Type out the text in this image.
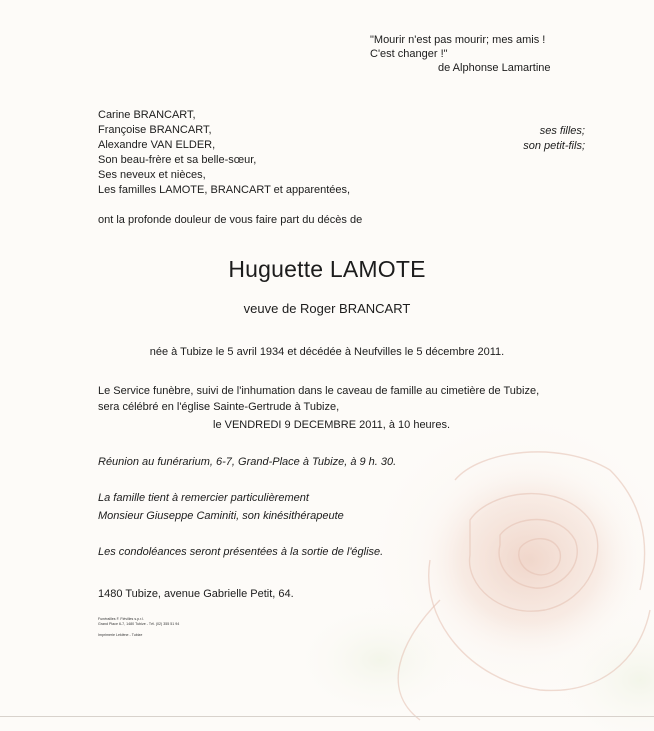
"Mourir n'est pas mourir; mes amis !
C'est changer !"
de Alphonse Lamartine
Carine BRANCART,
Françoise BRANCART,
Alexandre VAN ELDER,
Son beau-frère et sa belle-sœur,
Ses neveux et nièces,
Les familles LAMOTE, BRANCART et apparentées,
ses filles;
son petit-fils;
ont la profonde douleur de vous faire part du décès de
Huguette LAMOTE
veuve de Roger BRANCART
née à Tubize le 5 avril 1934 et décédée à Neufvilles le 5 décembre 2011.
Le Service funèbre, suivi de l'inhumation dans le caveau de famille au cimetière de Tubize,
sera célébré en l'église Sainte-Gertrude à Tubize,
le VENDREDI 9 DECEMBRE 2011, à 10 heures.
Réunion au funérarium, 6-7, Grand-Place à Tubize, à 9 h. 30.
La famille tient à remercier particulièrement
Monsieur Giuseppe Caminiti, son kinésithérapeute
Les condoléances seront présentées à la sortie de l'église.
1480 Tubize, avenue Gabrielle Petit, 64.
Funérailles F. Fiévilles s.p.r.l.
Grand Place 6-7, 1480 Tubize - Tél. (02) 355 51 94
Imprimerie Leklène - Tubize
